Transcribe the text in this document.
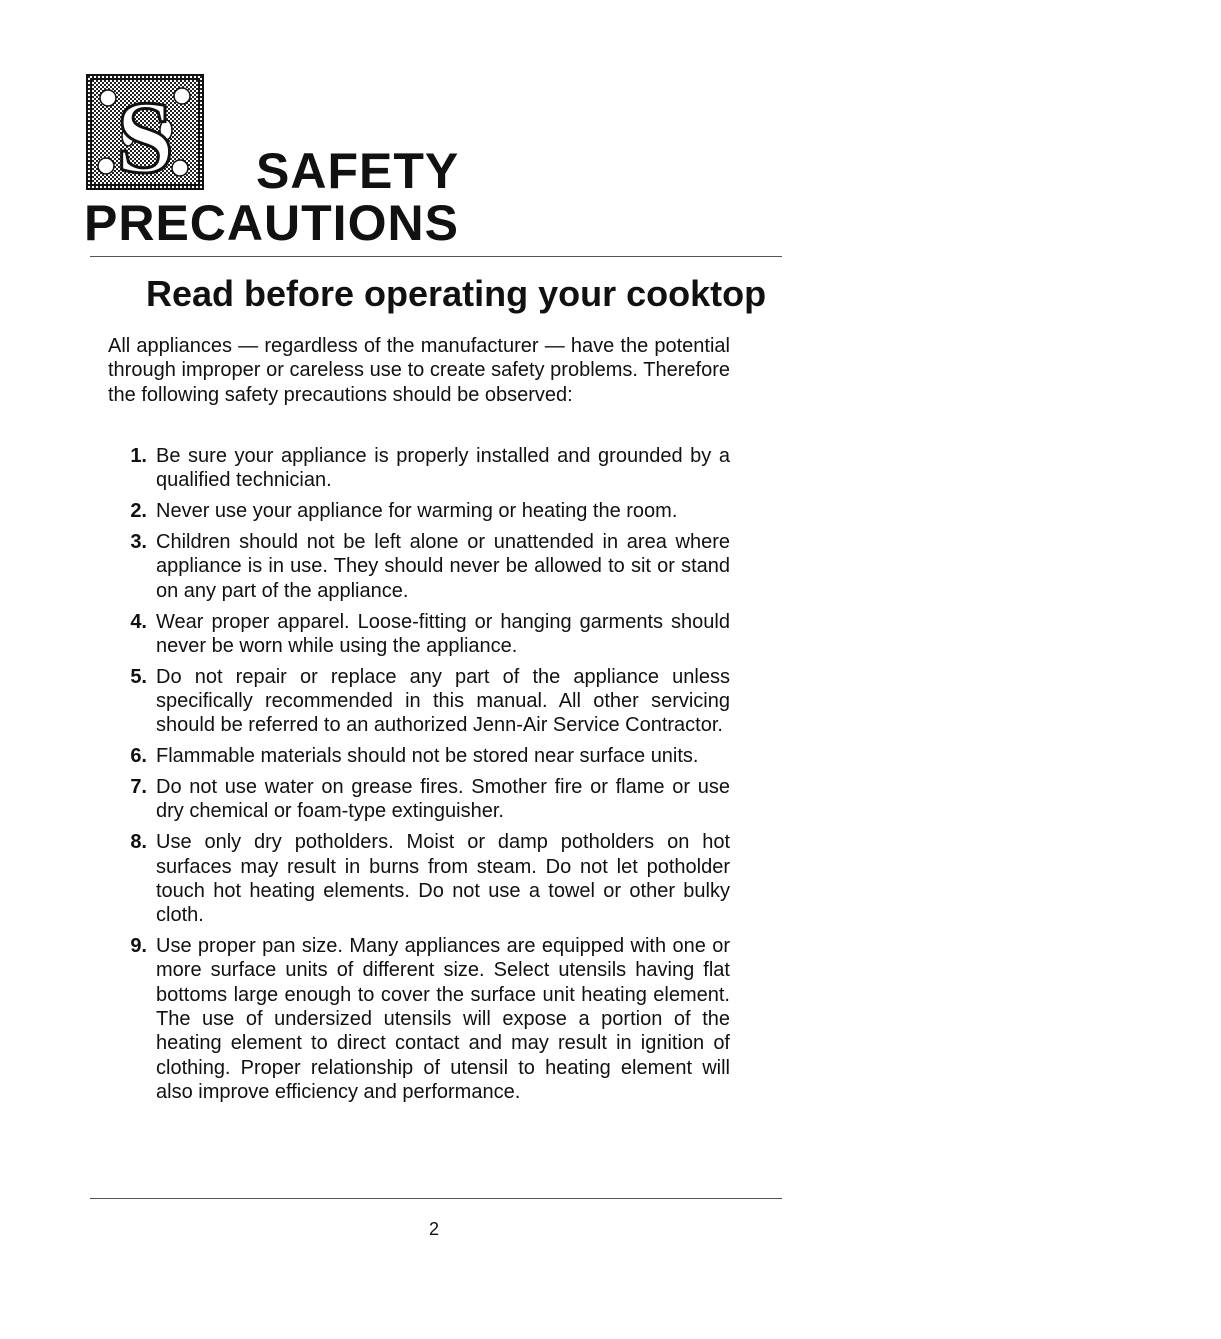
S SAFETY
PRECAUTIONS
Read before operating your cooktop

All appliances — regardless of the manufacturer — have the potential through improper or careless use to create safety problems. Therefore the following safety precautions should be observed:

1. Be sure your appliance is properly installed and grounded by a qualified technician.
2. Never use your appliance for warming or heating the room.
3. Children should not be left alone or unattended in area where appliance is in use. They should never be allowed to sit or stand on any part of the appliance.
4. Wear proper apparel. Loose-fitting or hanging garments should never be worn while using the appliance.
5. Do not repair or replace any part of the appliance unless specifically recommended in this manual. All other servicing should be referred to an authorized Jenn-Air Service Contractor.
6. Flammable materials should not be stored near surface units.
7. Do not use water on grease fires. Smother fire or flame or use dry chemical or foam-type extinguisher.
8. Use only dry potholders. Moist or damp potholders on hot surfaces may result in burns from steam. Do not let potholder touch hot heating elements. Do not use a towel or other bulky cloth.
9. Use proper pan size. Many appliances are equipped with one or more surface units of different size. Select utensils having flat bottoms large enough to cover the surface unit heating element. The use of undersized utensils will expose a portion of the heating element to direct contact and may result in ignition of clothing. Proper relationship of utensil to heating element will also improve efficiency and performance.

2
